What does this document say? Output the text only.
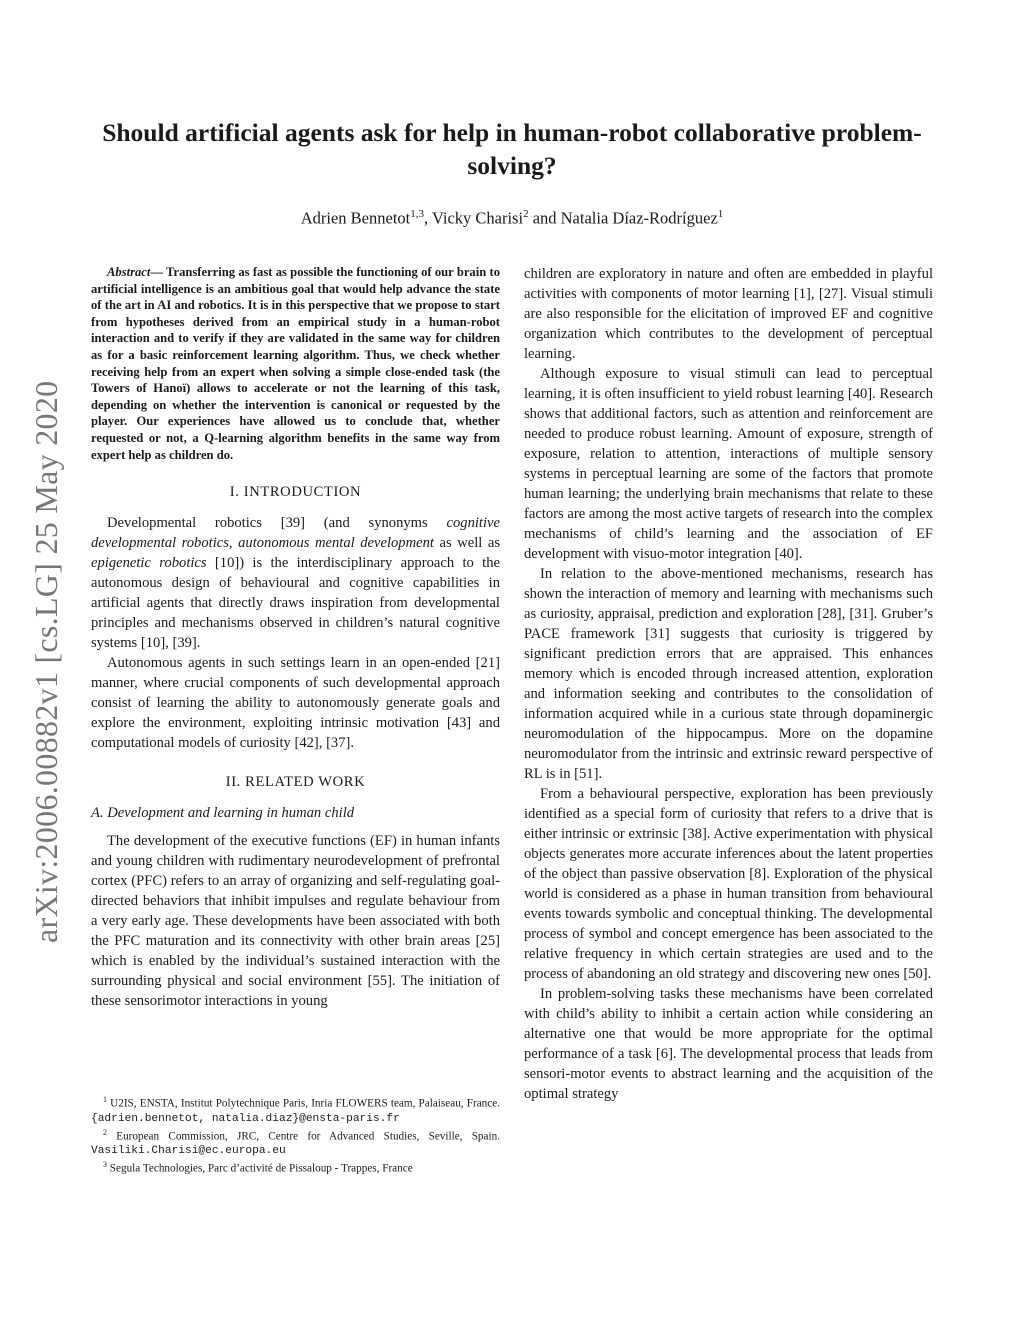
arXiv:2006.00882v1 [cs.LG] 25 May 2020
Should artificial agents ask for help in human-robot collaborative problem-solving?
Adrien Bennetot$^{1,3}$, Vicky Charisi$^2$ and Natalia Díaz-Rodríguez$^1$

Abstract— Transferring as fast as possible the functioning of our brain to artificial intelligence is an ambitious goal that would help advance the state of the art in AI and robotics. It is in this perspective that we propose to start from hypotheses derived from an empirical study in a human-robot interaction and to verify if they are validated in the same way for children as for a basic reinforcement learning algorithm. Thus, we check whether receiving help from an expert when solving a simple close-ended task (the Towers of Hanoï) allows to accelerate or not the learning of this task, depending on whether the intervention is canonical or requested by the player. Our experiences have allowed us to conclude that, whether requested or not, a Q-learning algorithm benefits in the same way from expert help as children do.

I. INTRODUCTION

Developmental robotics [39] (and synonyms cognitive developmental robotics, autonomous mental development as well as epigenetic robotics [10]) is the interdisciplinary approach to the autonomous design of behavioural and cognitive capabilities in artificial agents that directly draws inspiration from developmental principles and mechanisms observed in children’s natural cognitive systems [10], [39].

Autonomous agents in such settings learn in an open-ended [21] manner, where crucial components of such developmental approach consist of learning the ability to autonomously generate goals and explore the environment, exploiting intrinsic motivation [43] and computational models of curiosity [42], [37].

II. RELATED WORK
A. Development and learning in human child

The development of the executive functions (EF) in human infants and young children with rudimentary neurodevelopment of prefrontal cortex (PFC) refers to an array of organizing and self-regulating goal-directed behaviors that inhibit impulses and regulate behaviour from a very early age. These developments have been associated with both the PFC maturation and its connectivity with other brain areas [25] which is enabled by the individual’s sustained interaction with the surrounding physical and social environment [55]. The initiation of these sensorimotor interactions in young

$^1$ U2IS, ENSTA, Institut Polytechnique Paris, Inria FLOWERS team, Palaiseau, France. {adrien.bennetot, natalia.diaz}@ensta-paris.fr

$^2$ European Commission, JRC, Centre for Advanced Studies, Seville, Spain. Vasiliki.Charisi@ec.europa.eu

$^3$ Segula Technologies, Parc d’activité de Pissaloup - Trappes, France

children are exploratory in nature and often are embedded in playful activities with components of motor learning [1], [27]. Visual stimuli are also responsible for the elicitation of improved EF and cognitive organization which contributes to the development of perceptual learning.

Although exposure to visual stimuli can lead to perceptual learning, it is often insufficient to yield robust learning [40]. Research shows that additional factors, such as attention and reinforcement are needed to produce robust learning. Amount of exposure, strength of exposure, relation to attention, interactions of multiple sensory systems in perceptual learning are some of the factors that promote human learning; the underlying brain mechanisms that relate to these factors are among the most active targets of research into the complex mechanisms of child’s learning and the association of EF development with visuo-motor integration [40].

In relation to the above-mentioned mechanisms, research has shown the interaction of memory and learning with mechanisms such as curiosity, appraisal, prediction and exploration [28], [31]. Gruber’s PACE framework [31] suggests that curiosity is triggered by significant prediction errors that are appraised. This enhances memory which is encoded through increased attention, exploration and information seeking and contributes to the consolidation of information acquired while in a curious state through dopaminergic neuromodulation of the hippocampus. More on the dopamine neuromodulator from the intrinsic and extrinsic reward perspective of RL is in [51].

From a behavioural perspective, exploration has been previously identified as a special form of curiosity that refers to a drive that is either intrinsic or extrinsic [38]. Active experimentation with physical objects generates more accurate inferences about the latent properties of the object than passive observation [8]. Exploration of the physical world is considered as a phase in human transition from behavioural events towards symbolic and conceptual thinking. The developmental process of symbol and concept emergence has been associated to the relative frequency in which certain strategies are used and to the process of abandoning an old strategy and discovering new ones [50].

In problem-solving tasks these mechanisms have been correlated with child’s ability to inhibit a certain action while considering an alternative one that would be more appropriate for the optimal performance of a task [6]. The developmental process that leads from sensori-motor events to abstract learning and the acquisition of the optimal strategy
